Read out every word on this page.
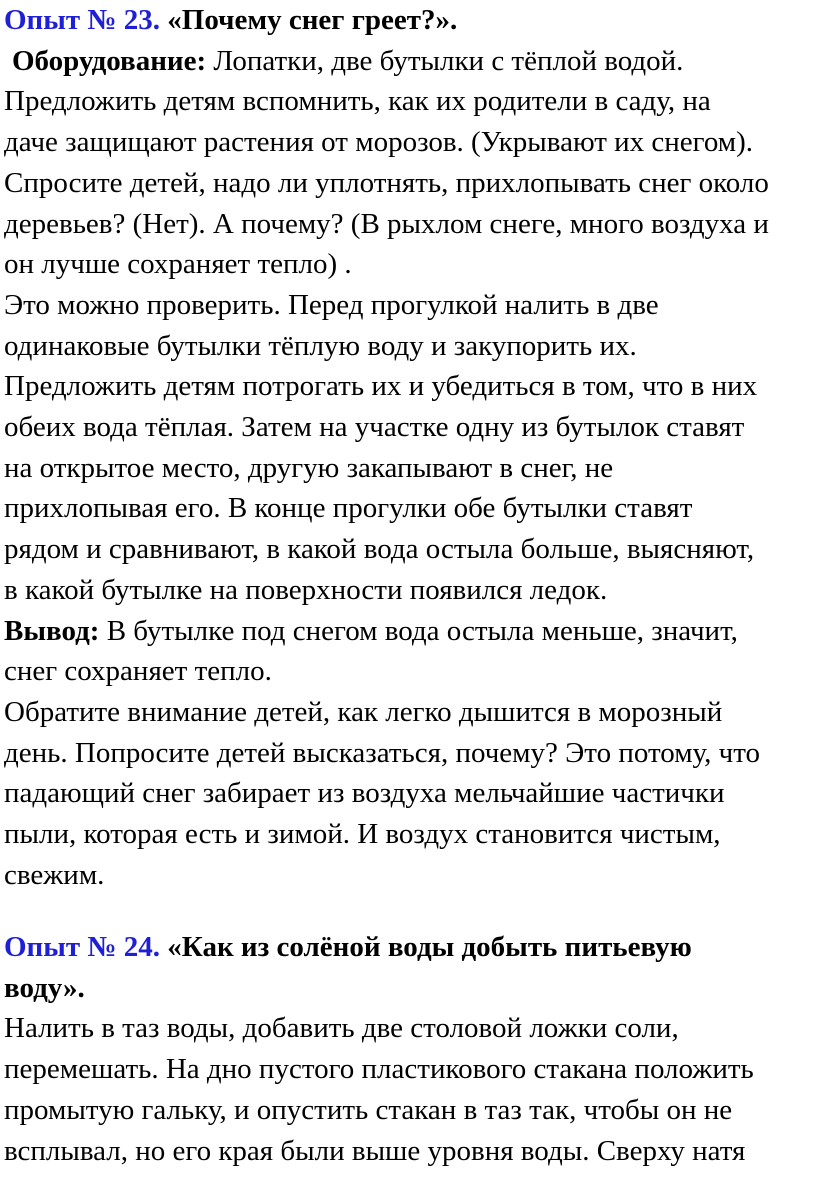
Опыт № 23. «Почему снег греет?».
Оборудование: Лопатки, две бутылки с тёплой водой.
Предложить детям вспомнить, как их родители в саду, на
даче защищают растения от морозов. (Укрывают их снегом).
Спросите детей, надо ли уплотнять, прихлопывать снег около
деревьев? (Нет). А почему? (В рыхлом снеге, много воздуха и
он лучше сохраняет тепло) .
Это можно проверить. Перед прогулкой налить в две
одинаковые бутылки тёплую воду и закупорить их.
Предложить детям потрогать их и убедиться в том, что в них
обеих вода тёплая. Затем на участке одну из бутылок ставят
на открытое место, другую закапывают в снег, не
прихлопывая его. В конце прогулки обе бутылки ставят
рядом и сравнивают, в какой вода остыла больше, выясняют,
в какой бутылке на поверхности появился ледок.
Вывод: В бутылке под снегом вода остыла меньше, значит,
снег сохраняет тепло.
Обратите внимание детей, как легко дышится в морозный
день. Попросите детей высказаться, почему? Это потому, что
падающий снег забирает из воздуха мельчайшие частички
пыли, которая есть и зимой. И воздух становится чистым,
свежим.
Опыт № 24. «Как из солёной воды добыть питьевую
воду».
Налить в таз воды, добавить две столовой ложки соли,
перемешать. На дно пустого пластикового стакана положить
промытую гальку, и опустить стакан в таз так, чтобы он не
всплывал, но его края были выше уровня воды. Сверху натя
